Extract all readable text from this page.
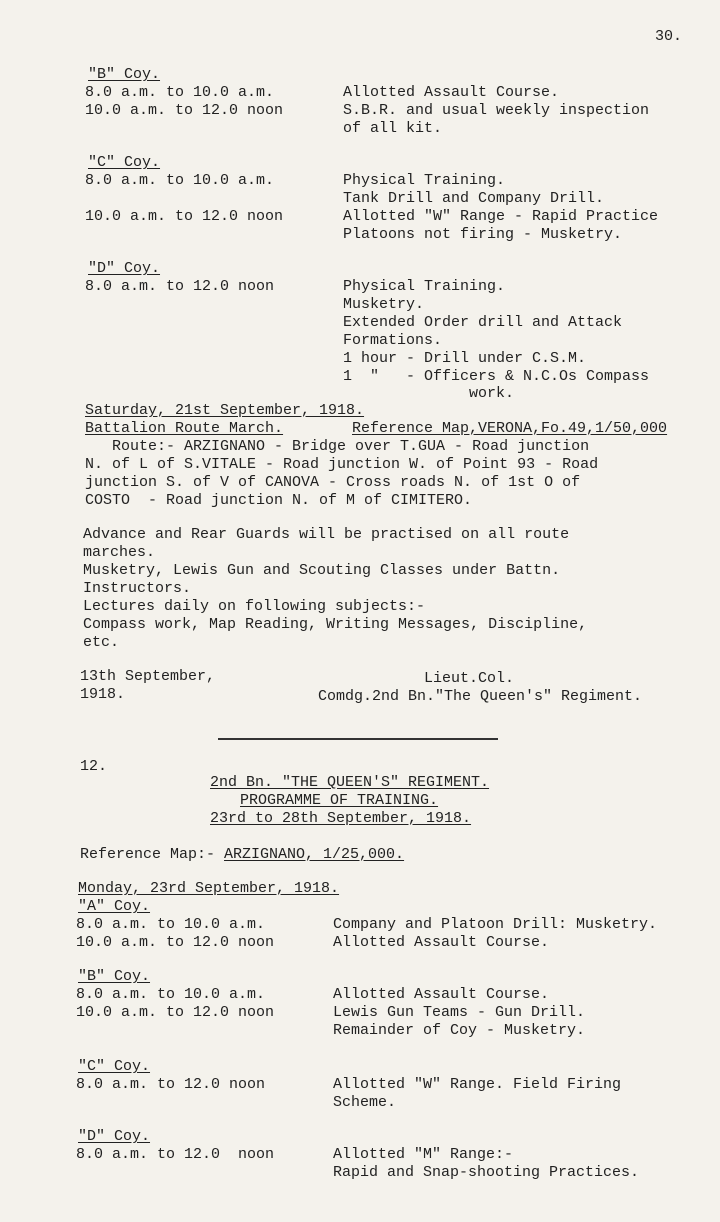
30.
"B" Coy.
8.0 a.m. to 10.0 a.m.	Allotted Assault Course.
10.0 a.m. to 12.0 noon	S.B.R. and usual weekly inspection
of all kit.
"C" Coy.
8.0 a.m. to 10.0 a.m.	Physical Training.
Tank Drill and Company Drill.
10.0 a.m. to 12.0 noon	Allotted "W" Range - Rapid Practice
Platoons not firing - Musketry.
"D" Coy.
8.0 a.m. to 12.0 noon	Physical Training.
Musketry.
Extended Order drill and Attack
Formations.
1 hour - Drill under C.S.M.
1  "   - Officers & N.C.Os Compass
work.
Saturday, 21st September, 1918.
Battalion Route March.	Reference Map,VERONA,Fo.49,1/50,000
Route:- ARZIGNANO - Bridge over T.GUA - Road junction
N. of L of S.VITALE - Road junction W. of Point 93 - Road
junction S. of V of CANOVA - Cross roads N. of 1st O of
COSTO  - Road junction N. of M of CIMITERO.
Advance and Rear Guards will be practised on all route
marches.
Musketry, Lewis Gun and Scouting Classes under Battn.
Instructors.
Lectures daily on following subjects:-
Compass work, Map Reading, Writing Messages, Discipline,
etc.
13th September,
1918.
Lieut.Col.
Comdg.2nd Bn."The Queen's" Regiment.
12.
2nd Bn. "THE QUEEN'S" REGIMENT.
PROGRAMME OF TRAINING.
23rd to 28th September, 1918.
Reference Map:- ARZIGNANO, 1/25,000.
Monday, 23rd September, 1918.
"A" Coy.
8.0 a.m. to 10.0 a.m.	Company and Platoon Drill: Musketry.
10.0 a.m. to 12.0 noon	Allotted Assault Course.
"B" Coy.
8.0 a.m. to 10.0 a.m.	Allotted Assault Course.
10.0 a.m. to 12.0 noon	Lewis Gun Teams - Gun Drill.
Remainder of Coy - Musketry.
"C" Coy.
8.0 a.m. to 12.0 noon	Allotted "W" Range. Field Firing
Scheme.
"D" Coy.
8.0 a.m. to 12.0  noon	Allotted "M" Range:-
Rapid and Snap-shooting Practices.
